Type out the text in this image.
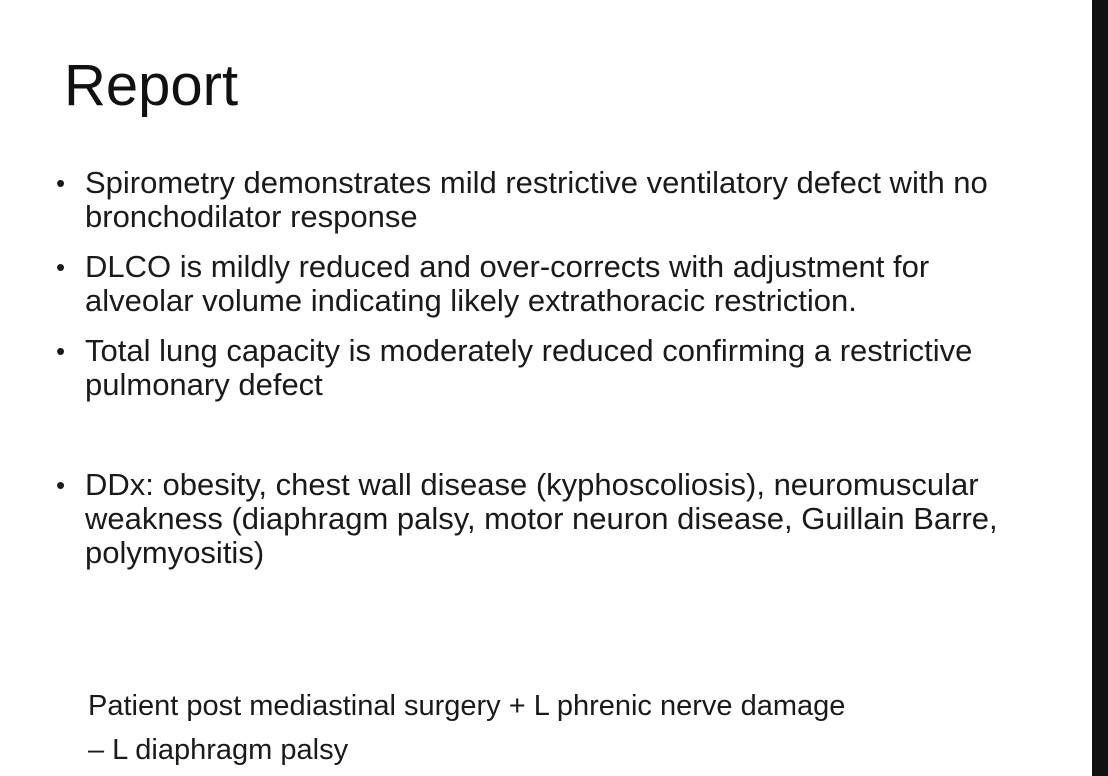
Report
• Spirometry demonstrates mild restrictive ventilatory defect with no bronchodilator response
• DLCO is mildly reduced and over-corrects with adjustment for alveolar volume indicating likely extrathoracic restriction.
• Total lung capacity is moderately reduced confirming a restrictive pulmonary defect
• DDx: obesity, chest wall disease (kyphoscoliosis), neuromuscular weakness (diaphragm palsy, motor neuron disease, Guillain Barre, polymyositis)

Patient post mediastinal surgery + L phrenic nerve damage
– L diaphragm palsy
